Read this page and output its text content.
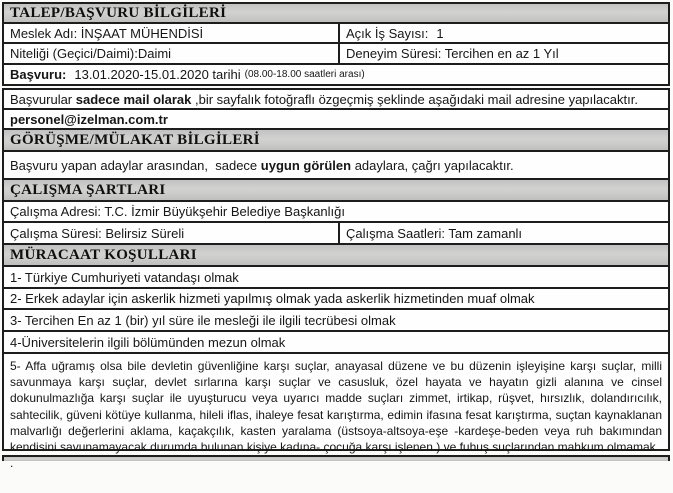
TALEP/BAŞVURU BİLGİLERİ
Meslek Adı: İNŞAAT MÜHENDİSİ	Açık İş Sayısı: 1
Niteliği (Geçici/Daimi):Daimi	Deneyim Süresi: Tercihen en az 1 Yıl
Başvuru: 13.01.2020-15.01.2020 tarihi (08.00-18.00 saatleri arası)
Başvurular sadece mail olarak ,bir sayfalık fotoğraflı özgeçmiş şeklinde aşağıdaki mail adresine yapılacaktır.
personel@izelman.com.tr
GÖRÜŞME/MÜLAKAT BİLGİLERİ
Başvuru yapan adaylar arasından,  sadece uygun görülen adaylara, çağrı yapılacaktır.
ÇALIŞMA ŞARTLARI
Çalışma Adresi: T.C. İzmir Büyükşehir Belediye Başkanlığı
Çalışma Süresi: Belirsiz Süreli	Çalışma Saatleri: Tam zamanlı
MÜRACAAT KOŞULLARI
1- Türkiye Cumhuriyeti vatandaşı olmak
2- Erkek adaylar için askerlik hizmeti yapılmış olmak yada askerlik hizmetinden muaf olmak
3- Tercihen En az 1 (bir) yıl süre ile mesleği ile ilgili tecrübesi olmak
4-Üniversitelerin ilgili bölümünden mezun olmak
5- Affa uğramış olsa bile devletin güvenliğine karşı suçlar, anayasal düzene ve bu düzenin işleyişine karşı suçlar, milli savunmaya karşı suçlar, devlet sırlarına karşı suçlar ve casusluk, özel hayata ve hayatın gizli alanına ve cinsel dokunulmazlığa karşı suçlar ile uyuşturucu veya uyarıcı madde suçları zimmet, irtikap, rüşvet, hırsızlık, dolandırıcılık, sahtecilik, güveni kötüye kullanma, hileli iflas, ihaleye fesat karıştırma, edimin ifasına fesat karıştırma, suçtan kaynaklanan malvarlığı değerlerini aklama, kaçakçılık, kasten yaralama (üstsoya-altsoya-eşe -kardeşe-beden veya ruh bakımından kendisini savunamayacak durumda bulunan kişiye kadına- çocuğa karşı işlenen ) ve fuhuş suçlarından mahkum olmamak
.
